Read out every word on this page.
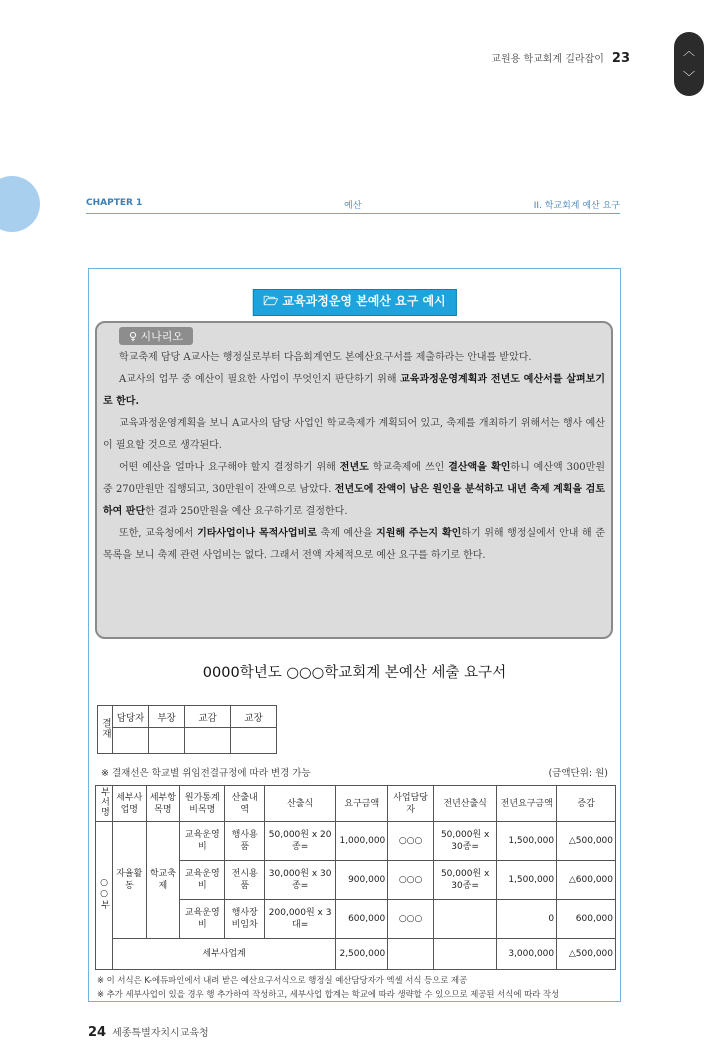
교원용 학교회계 길라잡이 23	︿
﹀
CHAPTER 1	예산	II. 학교회계 예산 요구
🗁 교육과정운영 본예산 요구 예시
♀ 시나리오

학교축제 담당 A교사는 행정실로부터 다음회계연도 본예산요구서를 제출하라는 안내를 받았다.

A교사의 업무 중 예산이 필요한 사업이 무엇인지 판단하기 위해 교육과정운영계획과 전년도 예산서를 살펴보기로 한다.

교육과정운영계획을 보니 A교사의 담당 사업인 학교축제가 계획되어 있고, 축제를 개최하기 위해서는 행사 예산이 필요할 것으로 생각된다.

어떤 예산을 얼마나 요구해야 할지 결정하기 위해 전년도 학교축제에 쓰인 결산액을 확인하니 예산액 300만원 중 270만원만 집행되고, 30만원이 잔액으로 남았다. 전년도에 잔액이 남은 원인을 분석하고 내년 축제 계획을 검토하여 판단한 결과 250만원을 예산 요구하기로 결정한다.

또한, 교육청에서 기타사업이나 목적사업비로 축제 예산을 지원해 주는지 확인하기 위해 행정실에서 안내 해 준 목록을 보니 축제 관련 사업비는 없다. 그래서 전액 자체적으로 예산 요구를 하기로 한다.

0000학년도 ○○○학교회계 본예산 세출 요구서
결재	담당자	부장	교감	교장

※ 결재선은 학교별 위임전결규정에 따라 변경 가능	(금액단위: 원)
부서명	세부사업명	세부항목명	원가통계비목명	산출내역	산출식	요구금액	사업담당자	전년산출식	전년요구금액	증감
○○부	자율활동	학교축제	교육운영비	행사용품	50,000원 x 20종=	1,000,000	○○○	50,000원 x 30종=	1,500,000	△500,000
			교육운영비	전시용품	30,000원 x 30종=	900,000	○○○	50,000원 x 30종=	1,500,000	△600,000
			교육운영비	행사장비임차	200,000원 x 3대=	600,000	○○○		0	600,000
	세부사업계					2,500,000			3,000,000	△500,000
※ 이 서식은 K-에듀파인에서 내려 받은 예산요구서식으로 행정실 예산담당자가 엑셀 서식 등으로 제공
※ 추가 세부사업이 있을 경우 행 추가하여 작성하고, 세부사업 합계는 학교에 따라 생략할 수 있으므로 제공된 서식에 따라 작성
24 세종특별자치시교육청
